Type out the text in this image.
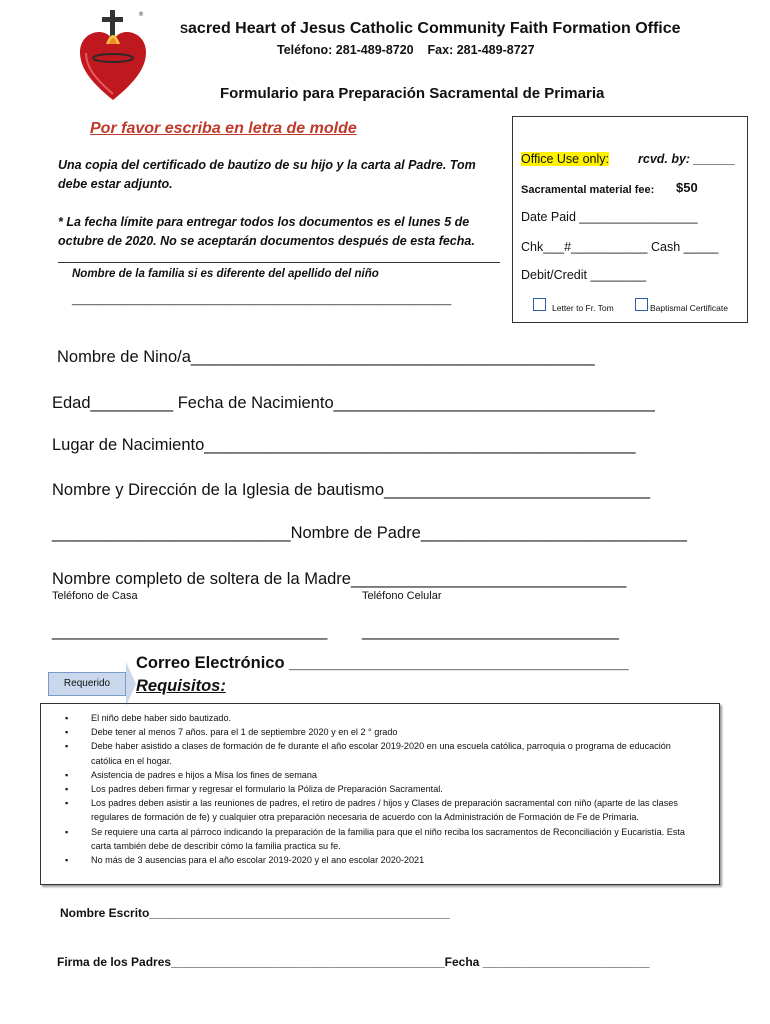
®
Sacred Heart of Jesus Catholic Community Faith Formation Office
Teléfono: 281-489-8720    Fax: 281-489-8727
Formulario para Preparación Sacramental de Primaria
Por favor escriba en letra de molde
Una copia del certificado de bautizo de su hijo y la carta al Padre. Tom
debe estar adjunto.
* La fecha límite para entregar todos los documentos es el lunes 5 de
octubre de 2020. No se aceptarán documentos después de esta fecha.
Nombre de la familia si es diferente del apellido del niño
______________________________________________________________
Office Use only: rcvd. by: ______
Sacramental material fee: $50
Date Paid _________________
Chk___#___________ Cash _____
Debit/Credit ________
Letter to Fr. Tom	Baptismal Certificate
Nombre de Nino/a____________________________________________
Edad_________ Fecha de Nacimiento___________________________________
Lugar de Nacimiento_______________________________________________
Nombre y Dirección de la Iglesia de bautismo_____________________________
__________________________Nombre de Padre_____________________________
Nombre completo de soltera de la Madre______________________________
Teléfono de Casa	Teléfono Celular
______________________________ ____________________________
Correo Electrónico _____________________________________
Requerido	Requisitos:
▪ El niño debe haber sido bautizado.
▪ Debe tener al menos 7 años. para el 1 de septiembre 2020 y en el 2 ° grado
▪ Debe haber asistido a clases de formación de fe durante el año escolar 2019-2020 en una escuela católica, parroquia o programa de educación católica en el hogar.
▪ Asistencia de padres e hijos a Misa los fines de semana
▪ Los padres deben firmar y regresar el formulario la Póliza de Preparación Sacramental.
▪ Los padres deben asistir a las reuniones de padres, el retiro de padres / hijos y Clases de preparación sacramental con niño (aparte de las clases regulares de formación de fe) y cualquier otra preparación necesaria de acuerdo con la Administración de Formación de Fe de Primaria.
▪ Se requiere una carta al párroco indicando la preparación de la familia para que el niño reciba los sacramentos de Reconciliación y Eucaristía. Esta carta también debe de describir cómo la familia practica su fe.
▪ No más de 3 ausencias para el año escolar 2019-2020 y el ano escolar 2020-2021
Nombre Escrito_____________________________________________
Firma de los Padres_________________________________________Fecha _________________________
